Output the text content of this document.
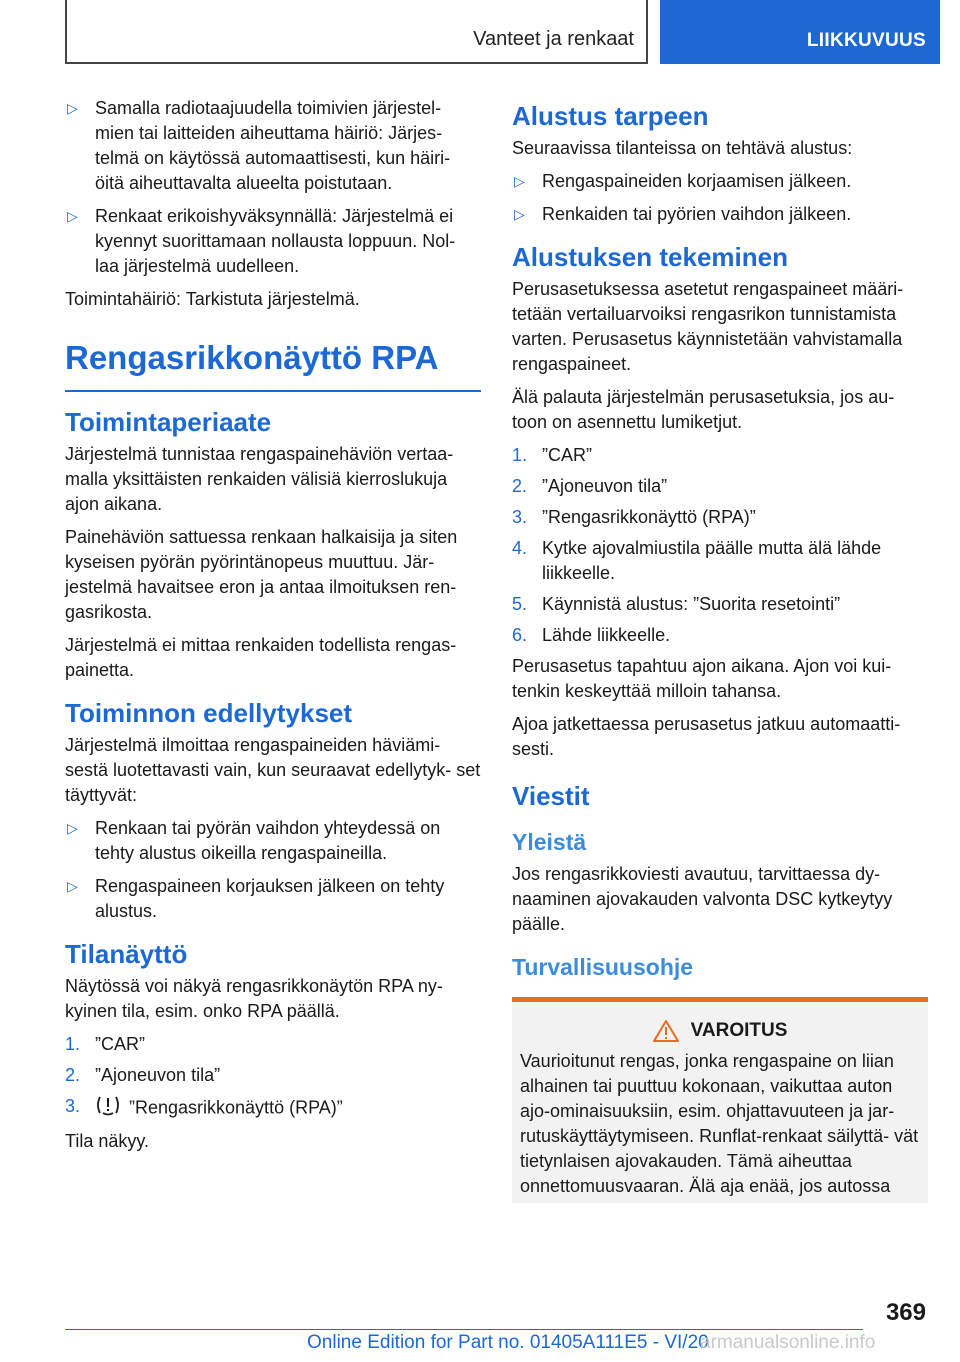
Vanteet ja renkaat	LIIKKUVUUS
▷ Samalla radiotaajuudella toimivien järjestel- mien tai laitteiden aiheuttama häiriö: Järjes- telmä on käytössä automaattisesti, kun häiri- öitä aiheuttavalta alueelta poistutaan.
▷ Renkaat erikoishyväksynnällä: Järjestelmä ei kyennyt suorittamaan nollausta loppuun. Nol- laa järjestelmä uudelleen.

Toimintahäiriö: Tarkistuta järjestelmä.

Rengasrikkonäyttö RPA
Toimintaperiaate

Järjestelmä tunnistaa rengaspainehäviön vertaa- malla yksittäisten renkaiden välisiä kierroslukuja ajon aikana.

Painehäviön sattuessa renkaan halkaisija ja siten kyseisen pyörän pyörintänopeus muuttuu. Jär- jestelmä havaitsee eron ja antaa ilmoituksen ren- gasrikosta.

Järjestelmä ei mittaa renkaiden todellista rengas- painetta.

Toiminnon edellytykset

Järjestelmä ilmoittaa rengaspaineiden häviämi- sestä luotettavasti vain, kun seuraavat edellytyk- set täyttyvät:

▷ Renkaan tai pyörän vaihdon yhteydessä on tehty alustus oikeilla rengaspaineilla.
▷ Rengaspaineen korjauksen jälkeen on tehty alustus.
Tilanäyttö

Näytössä voi näkyä rengasrikkonäytön RPA ny- kyinen tila, esim. onko RPA päällä.

1. ”CAR”
2. ”Ajoneuvon tila”
3.	”Rengasrikkonäyttö (RPA)”

Tila näkyy.

Alustus tarpeen

Seuraavissa tilanteissa on tehtävä alustus:

▷ Rengaspaineiden korjaamisen jälkeen.
▷ Renkaiden tai pyörien vaihdon jälkeen.
Alustuksen tekeminen

Perusasetuksessa asetetut rengaspaineet määri- tetään vertailuarvoiksi rengasrikon tunnistamista varten. Perusasetus käynnistetään vahvistamalla rengaspaineet.

Älä palauta järjestelmän perusasetuksia, jos au- toon on asennettu lumiketjut.

1. ”CAR”
2. ”Ajoneuvon tila”
3. ”Rengasrikkonäyttö (RPA)”
4. Kytke ajovalmiustila päälle mutta älä lähde liikkeelle.
5. Käynnistä alustus: ”Suorita resetointi”
6. Lähde liikkeelle.

Perusasetus tapahtuu ajon aikana. Ajon voi kui- tenkin keskeyttää milloin tahansa.

Ajoa jatkettaessa perusasetus jatkuu automaatti- sesti.

Viestit
Yleistä

Jos rengasrikkoviesti avautuu, tarvittaessa dy- naaminen ajovakauden valvonta DSC kytkeytyy päälle.

Turvallisuusohje
VAROITUS
Vaurioitunut rengas, jonka rengaspaine on liian alhainen tai puuttuu kokonaan, vaikuttaa auton ajo-ominaisuuksiin, esim. ohjattavuuteen ja jar- rutuskäyttäytymiseen. Runflat-renkaat säilyttä- vät tietynlaisen ajovakauden. Tämä aiheuttaa onnettomuusvaaran. Älä aja enää, jos autossa
369
Online Edition for Part no. 01405A111E5 - VI/20
armanualsonline.info
